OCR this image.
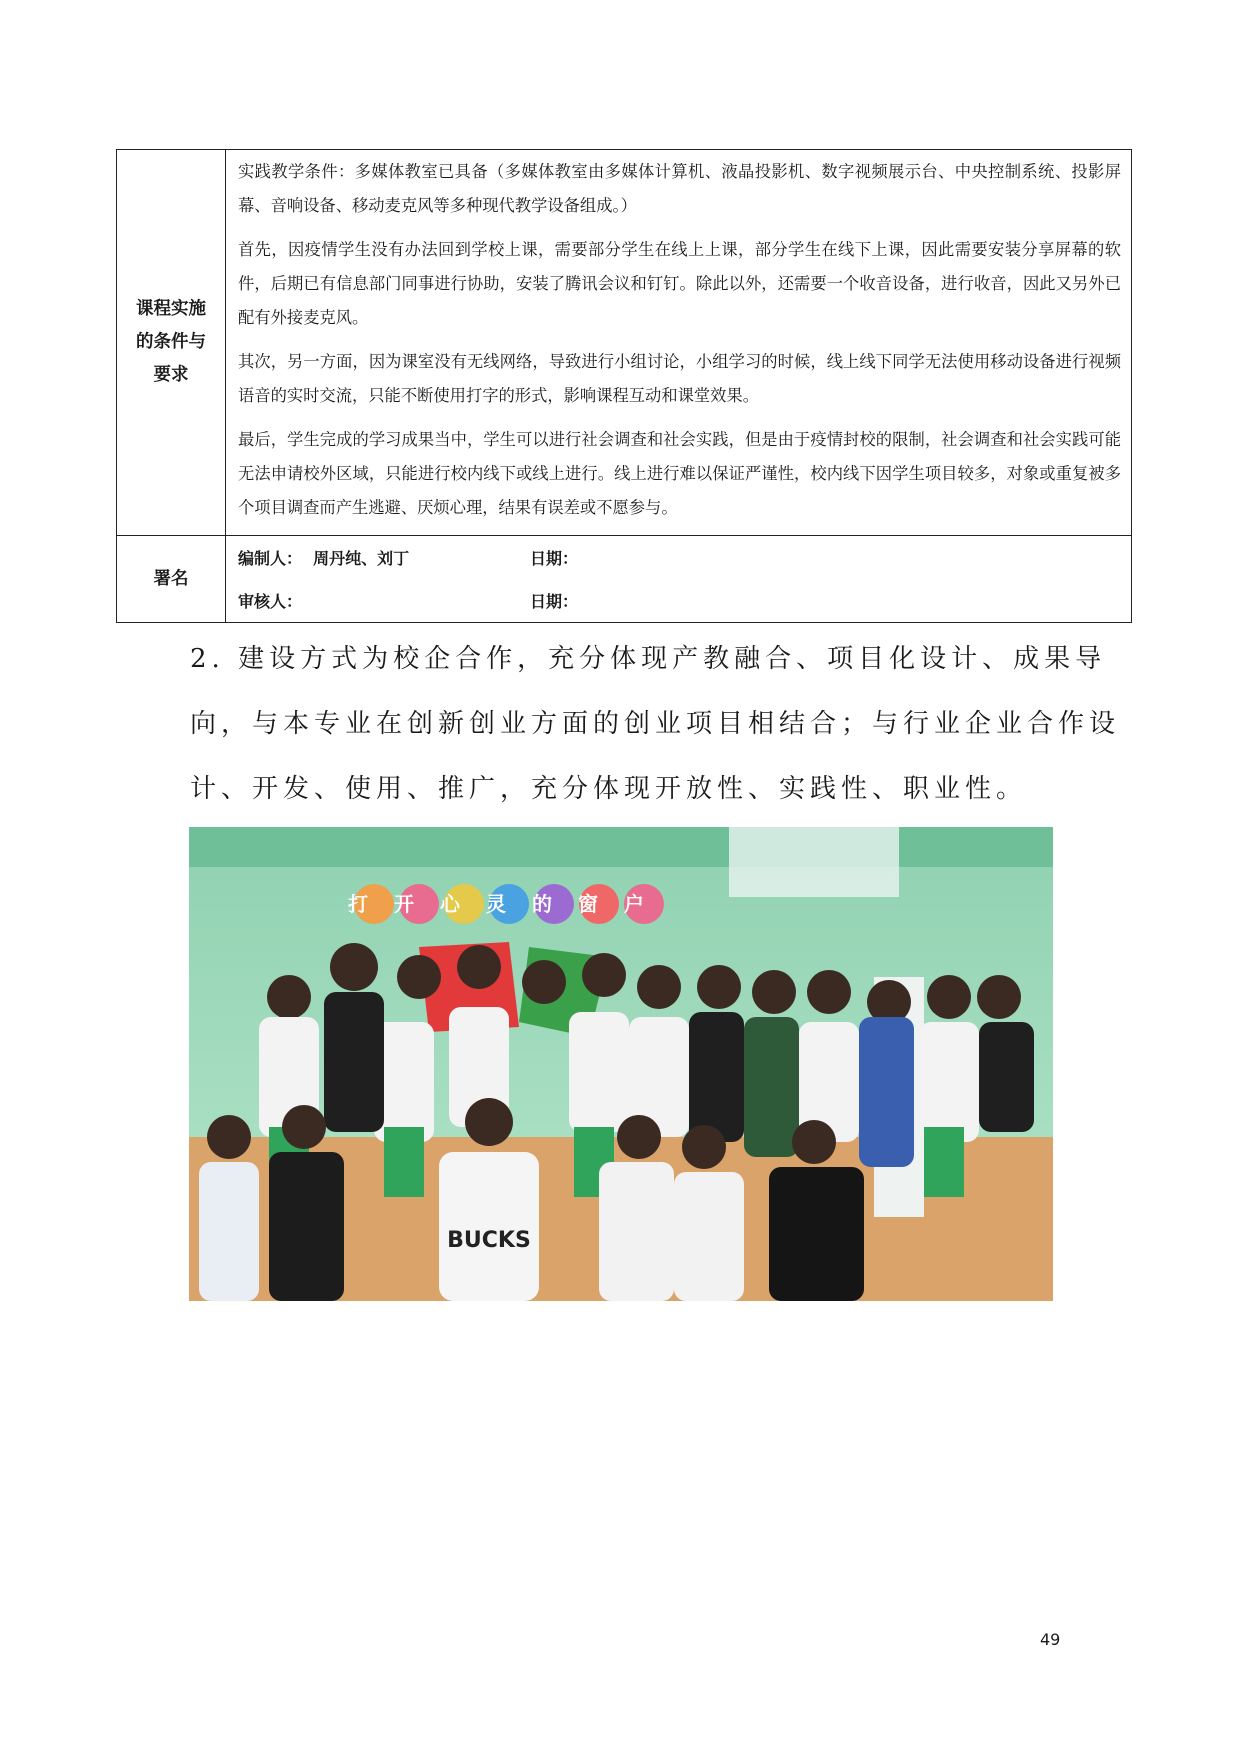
课程实施的条件与要求	实践教学条件：多媒体教室已具备（多媒体教室由多媒体计算机、液晶投影机、数字视频展示台、中央控制系统、投影屏幕、音响设备、移动麦克风等多种现代教学设备组成。）

首先，因疫情学生没有办法回到学校上课，需要部分学生在线上上课，部分学生在线下上课，因此需要安装分享屏幕的软件，后期已有信息部门同事进行协助，安装了腾讯会议和钉钉。除此以外，还需要一个收音设备，进行收音，因此又另外已配有外接麦克风。

其次，另一方面，因为课室没有无线网络，导致进行小组讨论，小组学习的时候，线上线下同学无法使用移动设备进行视频语音的实时交流，只能不断使用打字的形式，影响课程互动和课堂效果。

最后，学生完成的学习成果当中，学生可以进行社会调查和社会实践，但是由于疫情封校的限制，社会调查和社会实践可能无法申请校外区域，只能进行校内线下或线上进行。线上进行难以保证严谨性，校内线下因学生项目较多，对象或重复被多个项目调查而产生逃避、厌烦心理，结果有误差或不愿参与。

署名	编制人：  周丹纯、刘丁 日期：
审核人： 日期：

2. 建设方式为校企合作，充分体现产教融合、项目化设计、成果导

向，与本专业在创新创业方面的创业项目相结合；与行业企业合作设

计、开发、使用、推广，充分体现开放性、实践性、职业性。

打开心灵的窗户
BUCKS
49
